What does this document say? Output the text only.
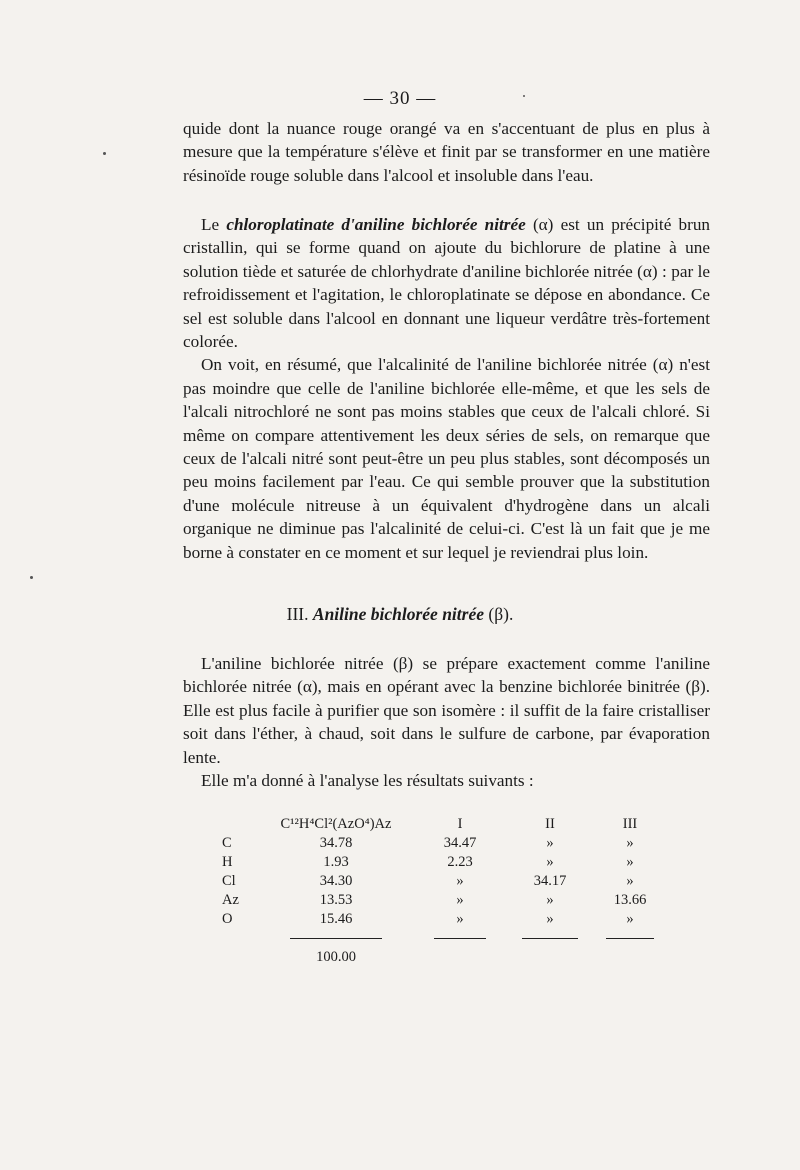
— 30 —

quide dont la nuance rouge orangé va en s'accentuant de plus en plus à mesure que la température s'élève et finit par se transformer en une matière résinoïde rouge soluble dans l'alcool et insoluble dans l'eau.

Le chloroplatinate d'aniline bichlorée nitrée (α) est un précipité brun cristallin, qui se forme quand on ajoute du bichlorure de platine à une solution tiède et saturée de chlorhydrate d'aniline bichlorée nitrée (α) : par le refroidissement et l'agitation, le chloroplatinate se dépose en abondance. Ce sel est soluble dans l'alcool en donnant une liqueur verdâtre très-fortement colorée.

On voit, en résumé, que l'alcalinité de l'aniline bichlorée nitrée (α) n'est pas moindre que celle de l'aniline bichlorée elle-même, et que les sels de l'alcali nitrochloré ne sont pas moins stables que ceux de l'alcali chloré. Si même on compare attentivement les deux séries de sels, on remarque que ceux de l'alcali nitré sont peut-être un peu plus stables, sont décomposés un peu moins facilement par l'eau. Ce qui semble prouver que la substitution d'une molécule nitreuse à un équivalent d'hydrogène dans un alcali organique ne diminue pas l'alcalinité de celui-ci. C'est là un fait que je me borne à constater en ce moment et sur lequel je reviendrai plus loin.

III. Aniline bichlorée nitrée (β).

L'aniline bichlorée nitrée (β) se prépare exactement comme l'aniline bichlorée nitrée (α), mais en opérant avec la benzine bichlorée binitrée (β). Elle est plus facile à purifier que son isomère : il suffit de la faire cristalliser soit dans l'éther, à chaud, soit dans le sulfure de carbone, par évaporation lente.

Elle m'a donné à l'analyse les résultats suivants :

	C¹²H⁴Cl²(AzO⁴)Az	I	II	III
C	34.78	34.47	»	»
H	1.93	2.23	»	»
Cl	34.30	»	34.17	»
Az	13.53	»	»	13.66
O	15.46	»	»	»

	100.00			
